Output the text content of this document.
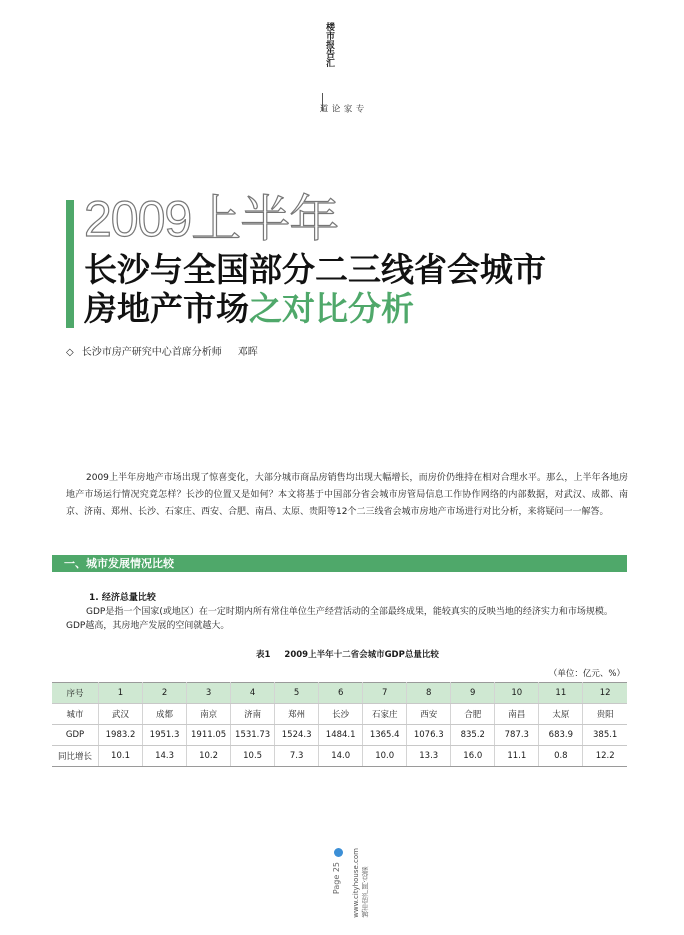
楼市报告汇
专家论道
2009上半年
长沙与全国部分二三线省会城市
房地产市场之对比分析
◇ 长沙市房产研究中心首席分析师 邓晖
2009上半年房地产市场出现了惊喜变化，大部分城市商品房销售均出现大幅增长，而房价仍维持在相对合理水平。那么，上半年各地房地产市场运行情况究竟怎样？长沙的位置又是如何？本文将基于中国部分省会城市房管局信息工作协作网络的内部数据，对武汉、成都、南京、济南、郑州、长沙、石家庄、西安、合肥、南昌、太原、贵阳等12个二三线省会城市房地产市场进行对比分析，来将疑问一一解答。
一、城市发展情况比较
1. 经济总量比较
GDP是指一个国家(或地区）在一定时期内所有常住单位生产经营活动的全部最终成果，能较真实的反映当地的经济实力和市场规模。GDP越高，其房地产发展的空间就越大。
表1 2009上半年十二省会城市GDP总量比较
（单位：亿元、%）
序号	1	2	3	4	5	6	7	8	9	10	11	12
城市	武汉	成都	南京	济南	郑州	长沙	石家庄	西安	合肥	南昌	太原	贵阳
GDP	1983.2	1951.3	1911.05	1531.73	1524.3	1484.1	1365.4	1076.3	835.2	787.3	683.9	385.1
同比增长	10.1	14.3	10.2	10.5	7.3	14.0	10.0	13.3	16.0	11.1	0.8	12.2
Page 25 www.cityhouse.com 城市房产网·总第
